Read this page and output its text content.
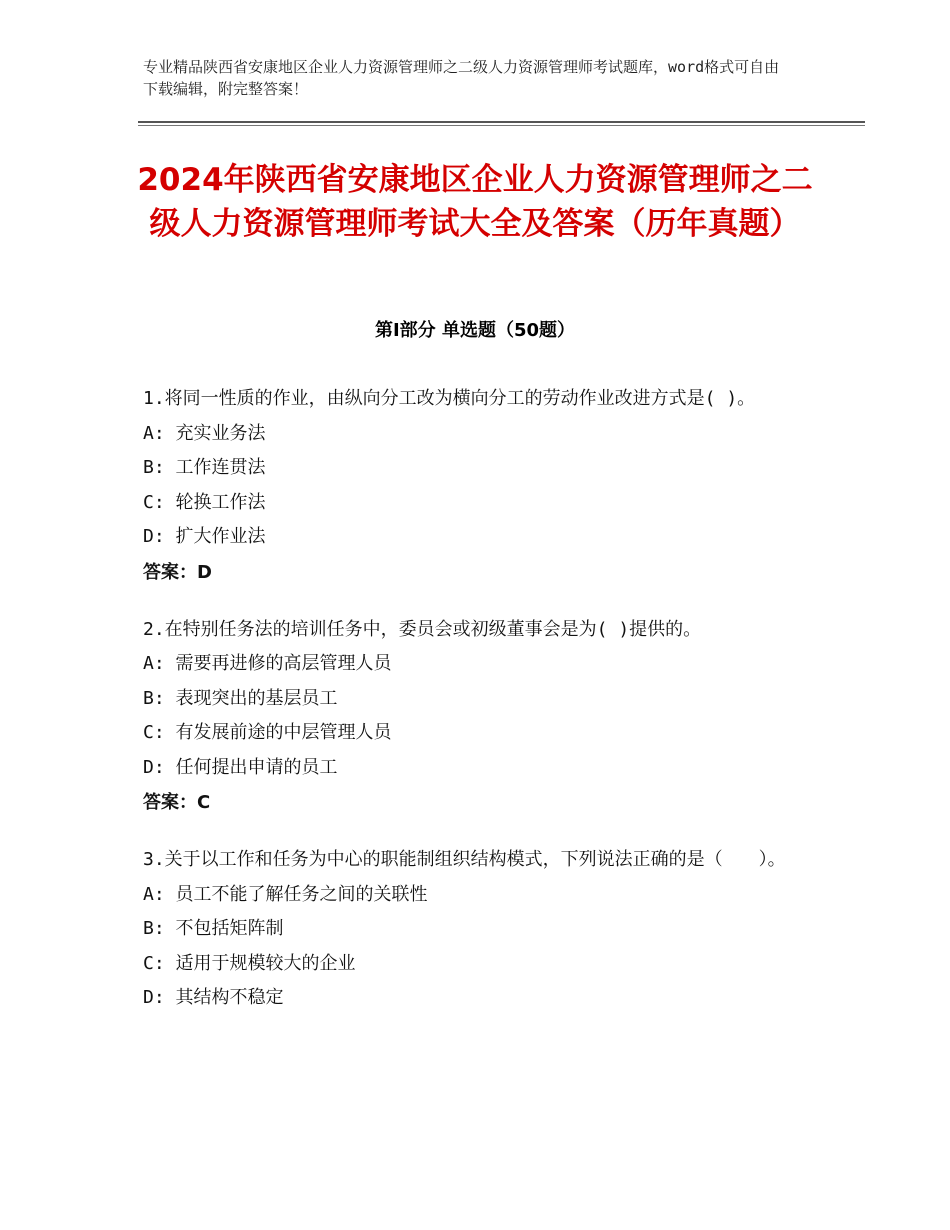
专业精品陕西省安康地区企业人力资源管理师之二级人力资源管理师考试题库，word格式可自由下载编辑，附完整答案！
2024年陕西省安康地区企业人力资源管理师之二级人力资源管理师考试大全及答案（历年真题）
第Ⅰ部分 单选题（50题）
1.将同一性质的作业，由纵向分工改为横向分工的劳动作业改进方式是( )。
A: 充实业务法
B: 工作连贯法
C: 轮换工作法
D: 扩大作业法
答案：D
2.在特别任务法的培训任务中，委员会或初级董事会是为( )提供的。
A: 需要再进修的高层管理人员
B: 表现突出的基层员工
C: 有发展前途的中层管理人员
D: 任何提出申请的员工
答案：C
3.关于以工作和任务为中心的职能制组织结构模式，下列说法正确的是（　　）。
A: 员工不能了解任务之间的关联性
B: 不包括矩阵制
C: 适用于规模较大的企业
D: 其结构不稳定
